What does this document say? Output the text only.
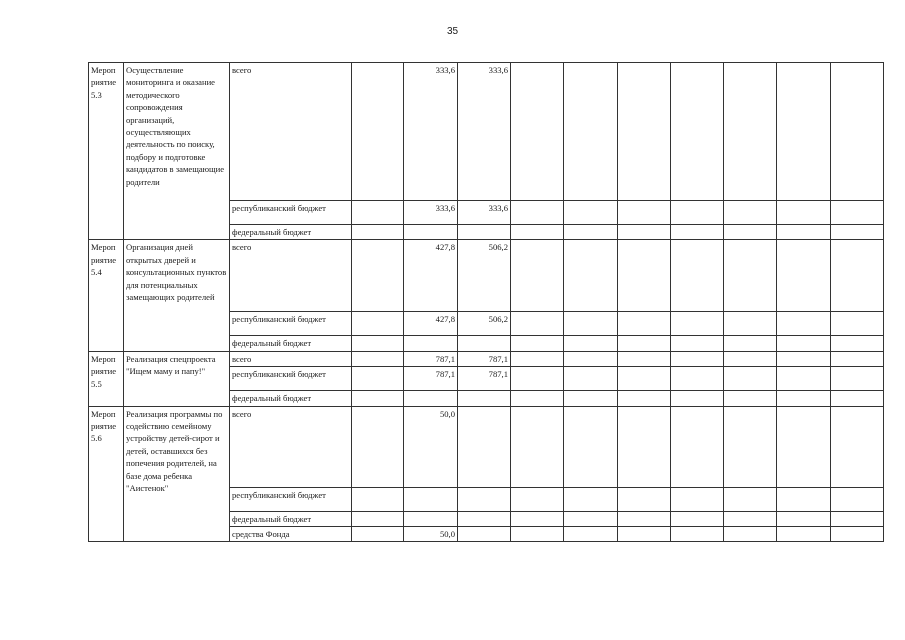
35
Мероп
риятие
5.3	Осуществление мониторинга и оказание методического сопровождения организаций, осуществляющих деятельность по поиску, подбору и подготовке кандидатов в замещающие родители	всего		333,6	333,6							
		республиканский бюджет		333,6	333,6							
		федеральный бюджет										
Мероп
риятие
5.4	Организация дней открытых дверей и консультационных пунктов для потенциальных замещающих родителей	всего		427,8	506,2							
		республиканский бюджет		427,8	506,2							
		федеральный бюджет										
Мероп
риятие
5.5	Реализация спецпроекта "Ищем маму и папу!"	всего		787,1	787,1							
		республиканский бюджет		787,1	787,1							
		федеральный бюджет										
Мероп
риятие
5.6	Реализация программы по содействию семейному устройству детей-сирот и детей, оставшихся без попечения родителей, на базе дома ребенка "Аистенок"	всего		50,0								
		республиканский бюджет										
		федеральный бюджет										
		средства Фонда		50,0								
